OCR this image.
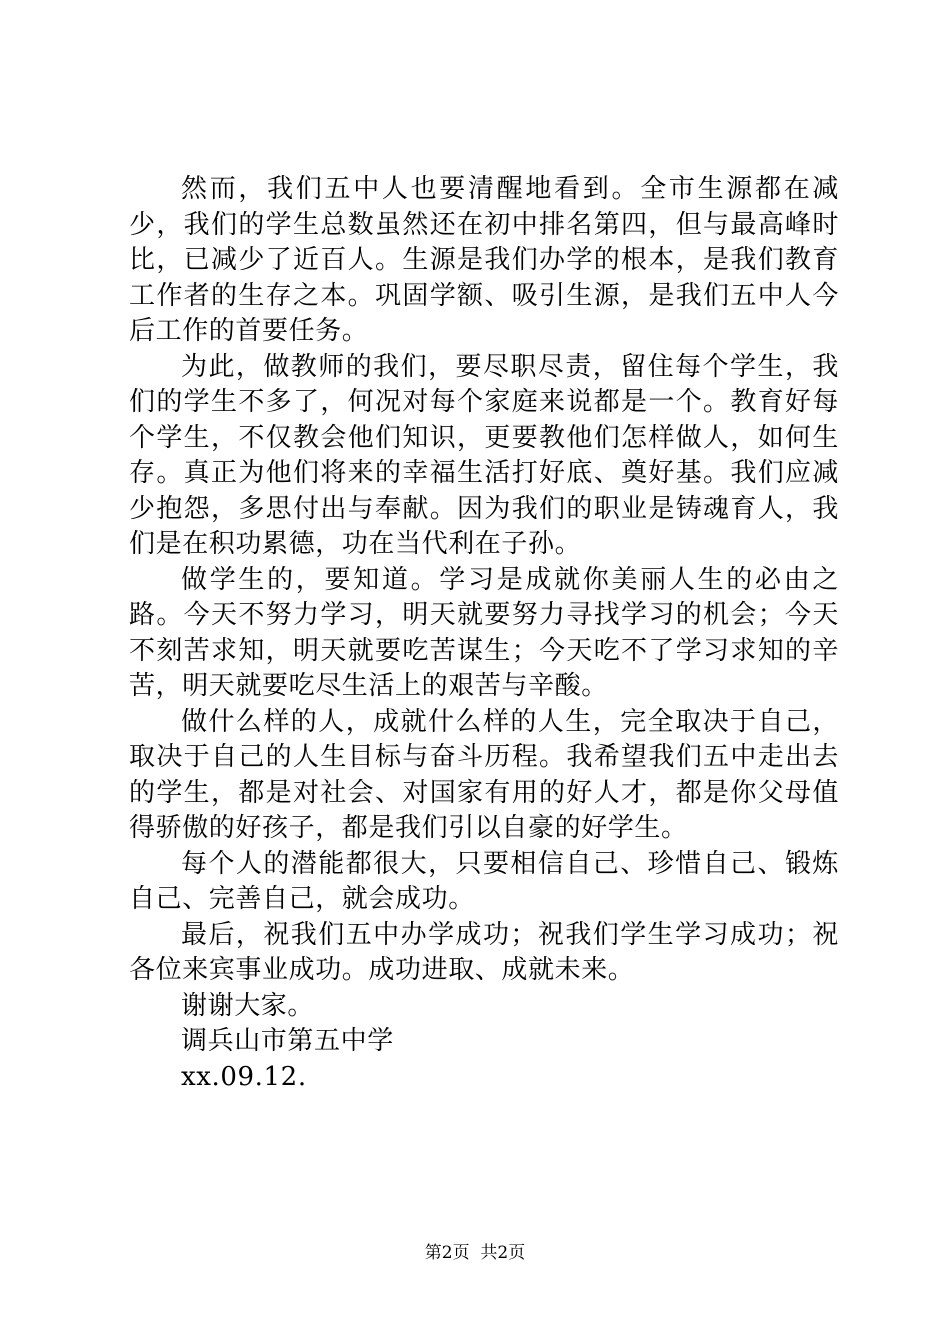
然而，我们五中人也要清醒地看到。全市生源都在减少，我们的学生总数虽然还在初中排名第四，但与最高峰时比，已减少了近百人。生源是我们办学的根本，是我们教育工作者的生存之本。巩固学额、吸引生源，是我们五中人今后工作的首要任务。

为此，做教师的我们，要尽职尽责，留住每个学生，我们的学生不多了，何况对每个家庭来说都是一个。教育好每个学生，不仅教会他们知识，更要教他们怎样做人，如何生存。真正为他们将来的幸福生活打好底、奠好基。我们应减少抱怨，多思付出与奉献。因为我们的职业是铸魂育人，我们是在积功累德，功在当代利在子孙。

做学生的，要知道。学习是成就你美丽人生的必由之路。今天不努力学习，明天就要努力寻找学习的机会；今天不刻苦求知，明天就要吃苦谋生；今天吃不了学习求知的辛苦，明天就要吃尽生活上的艰苦与辛酸。

做什么样的人，成就什么样的人生，完全取决于自己，取决于自己的人生目标与奋斗历程。我希望我们五中走出去的学生，都是对社会、对国家有用的好人才，都是你父母值得骄傲的好孩子，都是我们引以自豪的好学生。

每个人的潜能都很大，只要相信自己、珍惜自己、锻炼自己、完善自己，就会成功。

最后，祝我们五中办学成功；祝我们学生学习成功；祝各位来宾事业成功。成功进取、成就未来。

谢谢大家。

调兵山市第五中学

xx.09.12.

第2页 共2页
